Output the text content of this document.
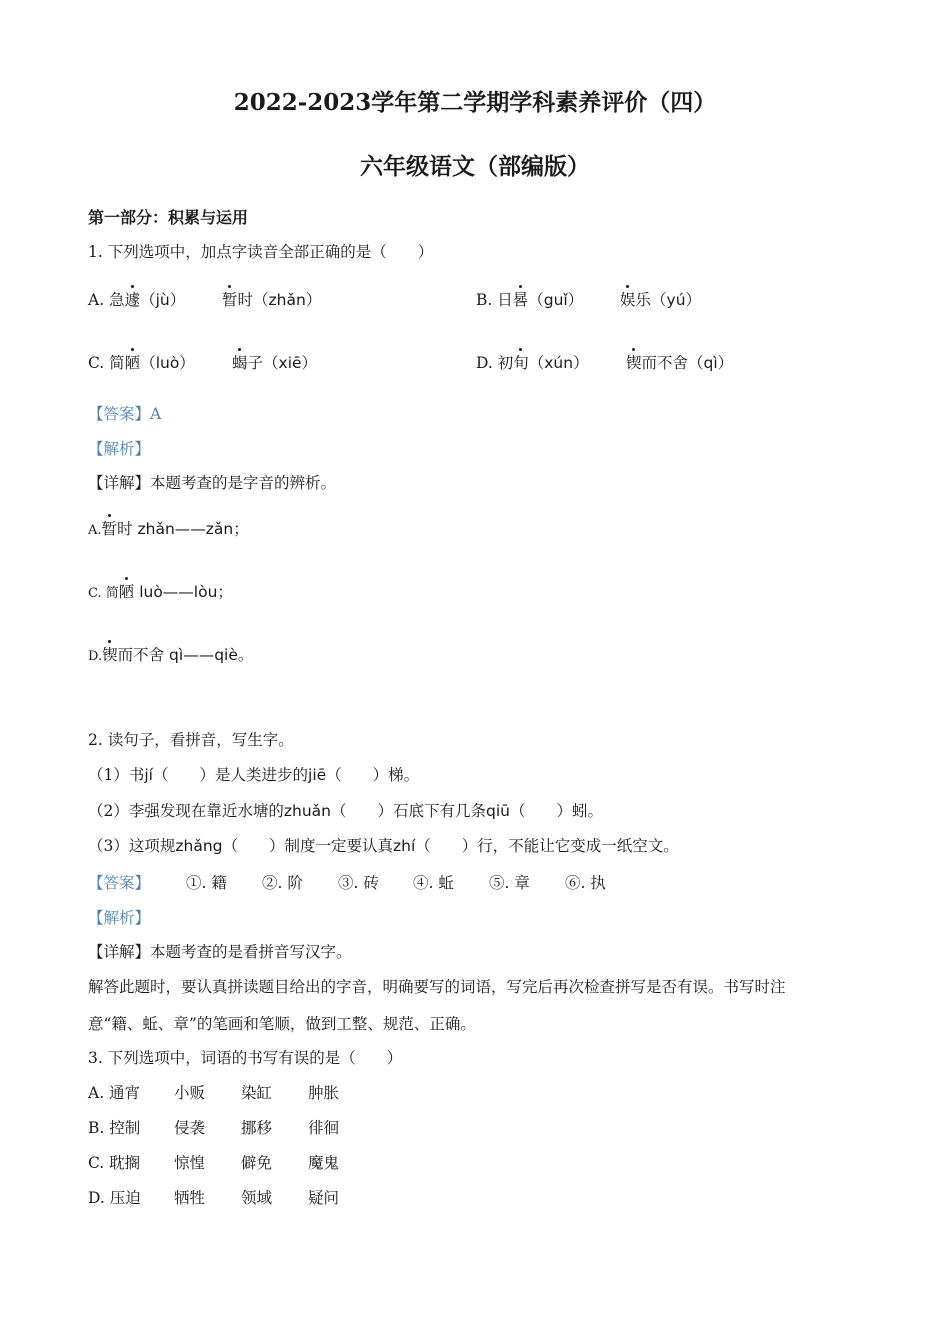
2022-2023学年第二学期学科素养评价（四）
六年级语文（部编版）
第一部分：积累与运用
1. 下列选项中，加点字读音全部正确的是（　　）
A. 急遽（jù） 暂时（zhǎn）	B. 日晷（guǐ） 娱乐（yú）
C. 简陋（luò） 蝎子（xiē）	D. 初旬（xún） 锲而不舍（qì）
【答案】A
【解析】
【详解】本题考查的是字音的辨析。
A.暂时 zhǎn——zǎn；
C. 简陋 luò——lòu；
D.锲而不舍 qì——qiè。
2. 读句子，看拼音，写生字。
（1）书jí（　　）是人类进步的jiē（　　）梯。
（2）李强发现在靠近水塘的zhuǎn（　　）石底下有几条qiū（　　）蚓。
（3）这项规zhǎng（　　）制度一定要认真zhí（　　）行，不能让它变成一纸空文。
【答案】 ①. 籍 ②. 阶 ③. 砖 ④. 蚯 ⑤. 章 ⑥. 执
【解析】
【详解】本题考查的是看拼音写汉字。
解答此题时，要认真拼读题目给出的字音，明确要写的词语，写完后再次检查拼写是否有误。书写时注
意“籍、蚯、章”的笔画和笔顺，做到工整、规范、正确。
3. 下列选项中，词语的书写有误的是（　　）
A. 通宵 小贩 染缸 肿胀
B. 控制 侵袭 挪移 徘徊
C. 耽搁 惊惶 僻免 魔鬼
D. 压迫 牺牲 领域 疑问
